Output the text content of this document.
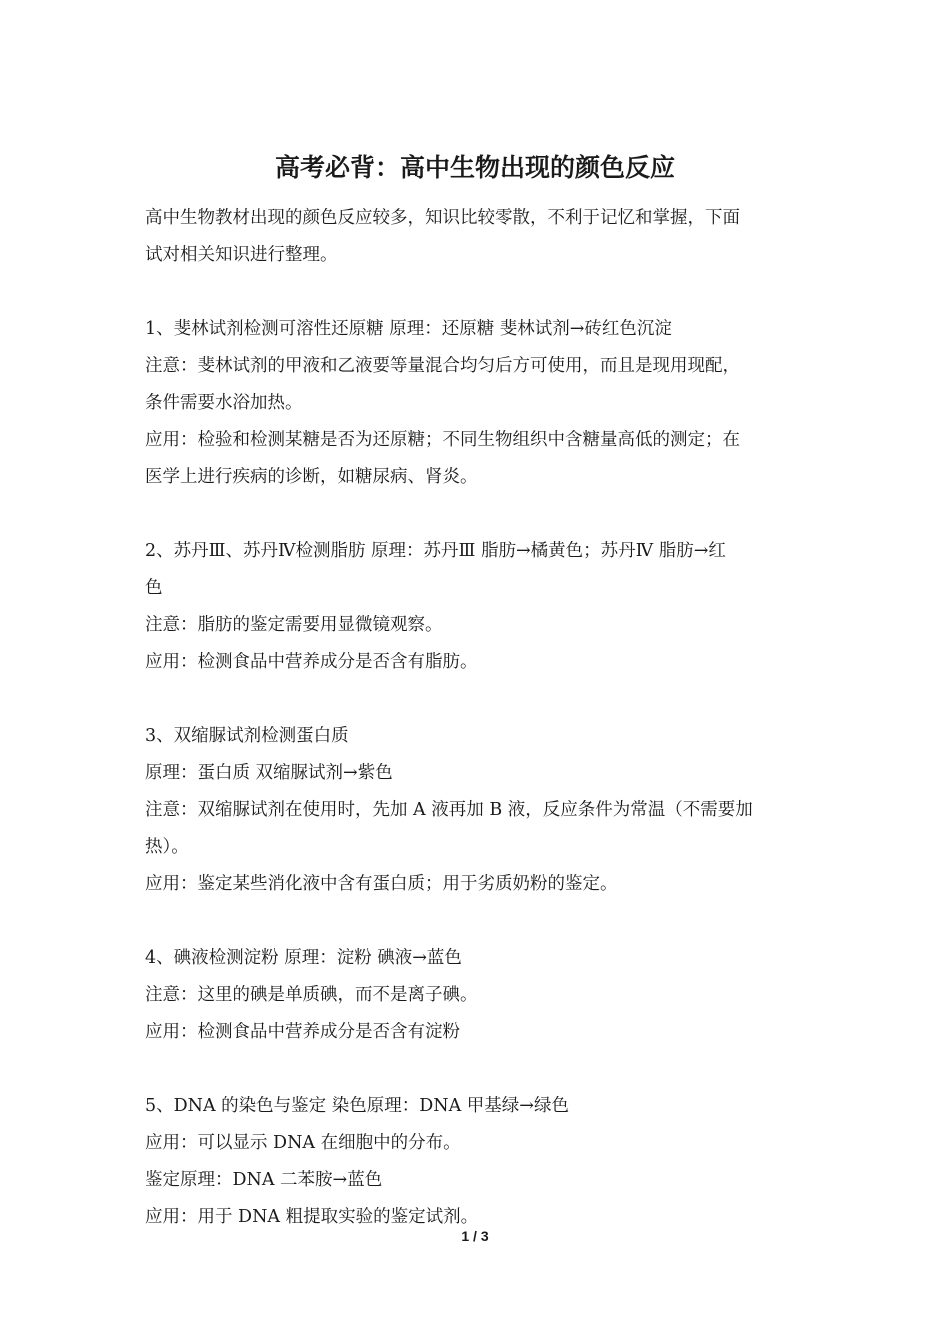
高考必背：高中生物出现的颜色反应
高中生物教材出现的颜色反应较多，知识比较零散，不利于记忆和掌握，下面
试对相关知识进行整理。
1、斐林试剂检测可溶性还原糖 原理：还原糖 斐林试剂→砖红色沉淀
注意：斐林试剂的甲液和乙液要等量混合均匀后方可使用，而且是现用现配，
条件需要水浴加热。
应用：检验和检测某糖是否为还原糖；不同生物组织中含糖量高低的测定；在
医学上进行疾病的诊断，如糖尿病、肾炎。
2、苏丹Ⅲ、苏丹Ⅳ检测脂肪 原理：苏丹Ⅲ 脂肪→橘黄色；苏丹Ⅳ 脂肪→红
色
注意：脂肪的鉴定需要用显微镜观察。
应用：检测食品中营养成分是否含有脂肪。
3、双缩脲试剂检测蛋白质
原理：蛋白质 双缩脲试剂→紫色
注意：双缩脲试剂在使用时，先加 A 液再加 B 液，反应条件为常温（不需要加
热）。
应用：鉴定某些消化液中含有蛋白质；用于劣质奶粉的鉴定。
4、碘液检测淀粉 原理：淀粉 碘液→蓝色
注意：这里的碘是单质碘，而不是离子碘。
应用：检测食品中营养成分是否含有淀粉
5、DNA 的染色与鉴定 染色原理：DNA 甲基绿→绿色
应用：可以显示 DNA 在细胞中的分布。
鉴定原理：DNA 二苯胺→蓝色
应用：用于 DNA 粗提取实验的鉴定试剂。
1 / 3
